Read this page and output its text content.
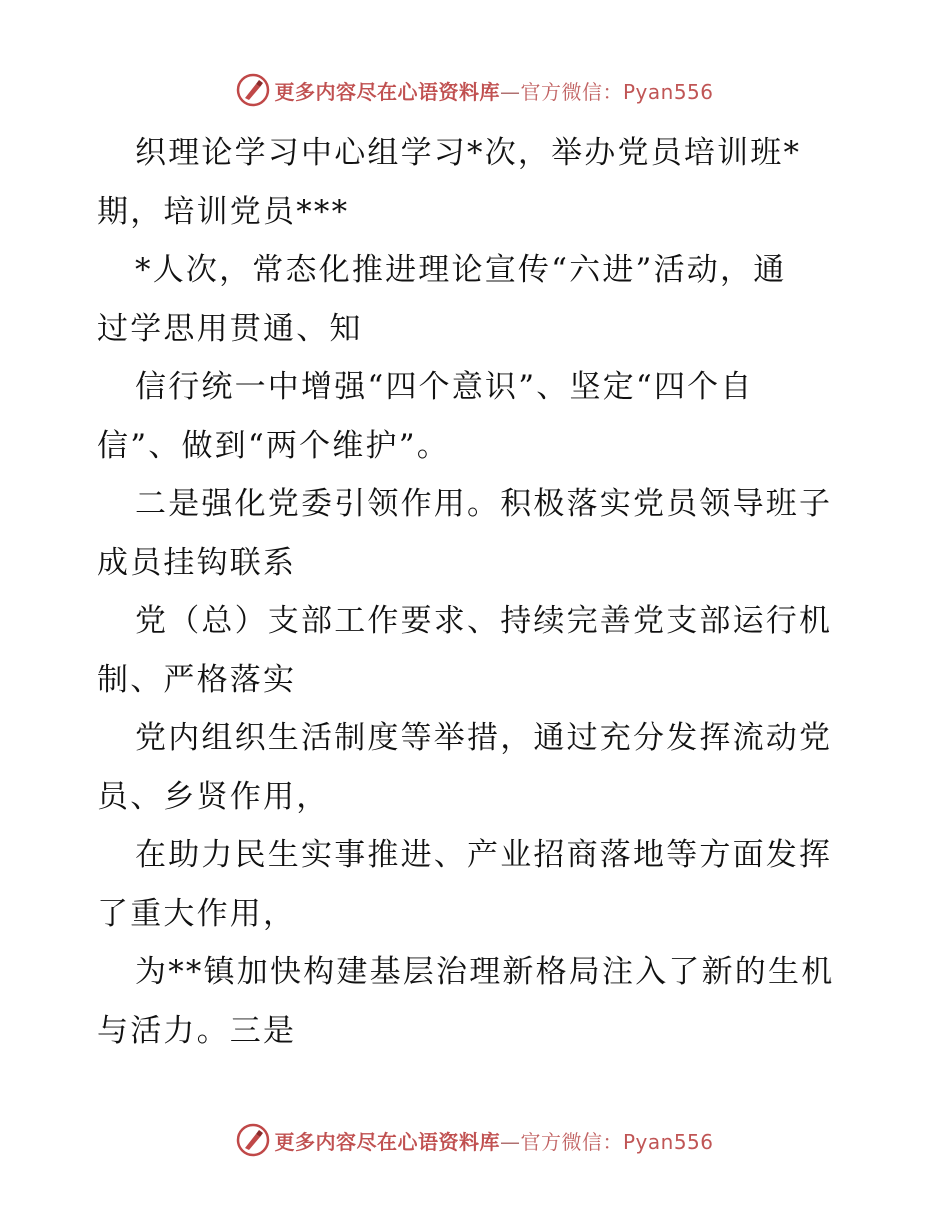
更多内容尽在心语资料库—官方微信：Pyan556
织理论学习中心组学习*次，举办党员培训班*
期，培训党员***
*人次，常态化推进理论宣传“六进”活动，通
过学思用贯通、知
信行统一中增强“四个意识”、坚定“四个自
信”、做到“两个维护”。
二是强化党委引领作用。积极落实党员领导班子
成员挂钩联系
党（总）支部工作要求、持续完善党支部运行机
制、严格落实
党内组织生活制度等举措，通过充分发挥流动党
员、乡贤作用，
在助力民生实事推进、产业招商落地等方面发挥
了重大作用，
为**镇加快构建基层治理新格局注入了新的生机
与活力。三是
更多内容尽在心语资料库—官方微信：Pyan556
